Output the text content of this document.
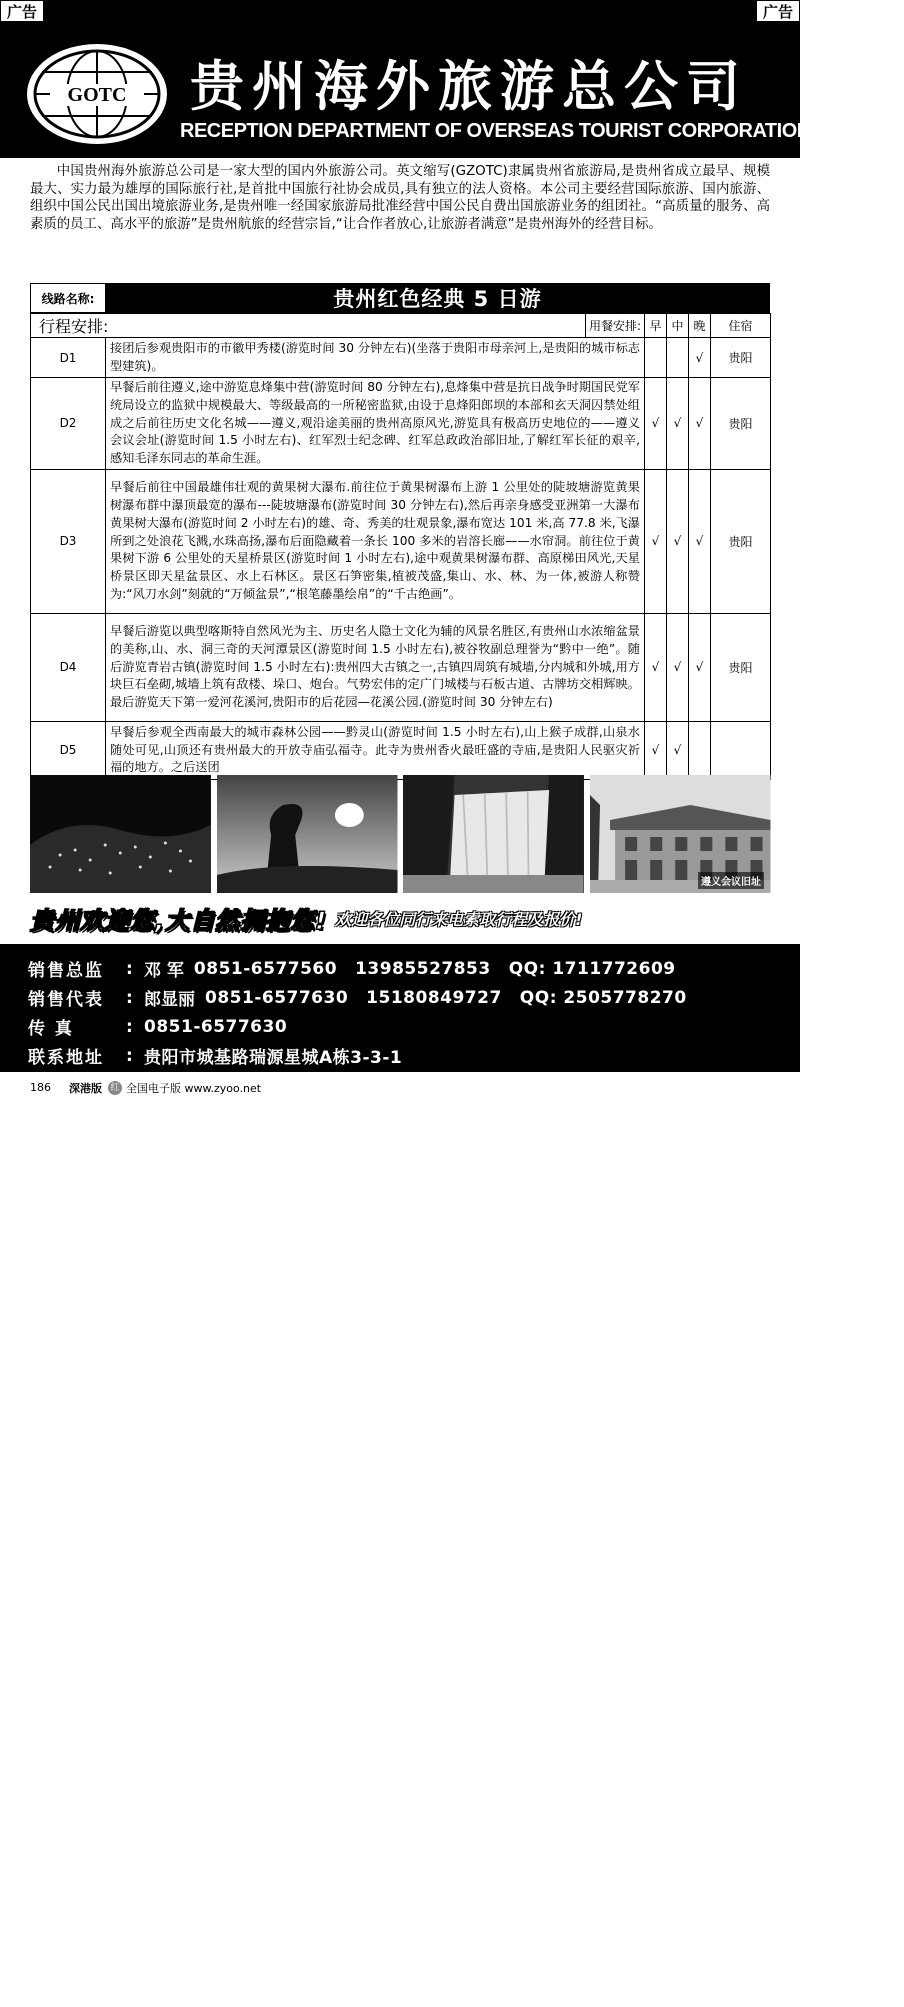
GOTC 贵州海外旅游总公司
RECEPTION DEPARTMENT OF OVERSEAS TOURIST CORPORATION GUIZHOU
广告	广告

中国贵州海外旅游总公司是一家大型的国内外旅游公司。英文缩写(GZOTC)隶属贵州省旅游局,是贵州省成立最早、规模最大、实力最为雄厚的国际旅行社,是首批中国旅行社协会成员,具有独立的法人资格。本公司主要经营国际旅游、国内旅游、组织中国公民出国出境旅游业务,是贵州唯一经国家旅游局批准经营中国公民自费出国旅游业务的组团社。“高质量的服务、高素质的员工、高水平的旅游”是贵州航旅的经营宗旨,“让合作者放心,让旅游者满意”是贵州海外的经营目标。

线路名称:	贵州红色经典 5 日游
行程安排:		用餐安排:	早	中	晚	住宿
D1	接团后参观贵阳市的市徽甲秀楼(游览时间 30 分钟左右)(坐落于贵阳市母亲河上,是贵阳的城市标志型建筑)。				√	贵阳
D2	早餐后前往遵义,途中游览息烽集中营(游览时间 80 分钟左右),息烽集中营是抗日战争时期国民党军统局设立的监狱中规模最大、等级最高的一所秘密监狱,由设于息烽阳郎坝的本部和玄天洞囚禁处组成之后前往历史文化名城——遵义,观沿途美丽的贵州高原风光,游览具有极高历史地位的——遵义会议会址(游览时间 1.5 小时左右)、红军烈士纪念碑、红军总政政治部旧址,了解红军长征的艰辛,感知毛泽东同志的革命生涯。		√	√	√	贵阳
D3	早餐后前往中国最雄伟壮观的黄果树大瀑布.前往位于黄果树瀑布上游 1 公里处的陡坡塘游览黄果树瀑布群中瀑顶最宽的瀑布---陡坡塘瀑布(游览时间 30 分钟左右),然后再亲身感受亚洲第一大瀑布黄果树大瀑布(游览时间 2 小时左右)的雄、奇、秀美的壮观景象,瀑布宽达 101 米,高 77.8 米,飞瀑所到之处浪花飞溅,水珠高扬,瀑布后面隐藏着一条长 100 多米的岩溶长廊——水帘洞。前往位于黄果树下游 6 公里处的天星桥景区(游览时间 1 小时左右),途中观黄果树瀑布群、高原梯田风光,天星桥景区即天星盆景区、水上石林区。景区石笋密集,植被茂盛,集山、水、林、为一体,被游人称赞为:“风刀水剑”刻就的“万倾盆景”,“根笔藤墨绘帛”的“千古绝画”。		√	√	√	贵阳
D4	早餐后游览以典型喀斯特自然风光为主、历史名人隐士文化为辅的风景名胜区,有贵州山水浓缩盆景的美称,山、水、洞三奇的天河潭景区(游览时间 1.5 小时左右),被谷牧副总理誉为“黔中一绝”。随后游览青岩古镇(游览时间 1.5 小时左右):贵州四大古镇之一,古镇四周筑有城墙,分内城和外城,用方块巨石垒砌,城墙上筑有敌楼、垛口、炮台。气势宏伟的定广门城楼与石板古道、古牌坊交相辉映。最后游览天下第一爱河花溪河,贵阳市的后花园—花溪公园.(游览时间 30 分钟左右)		√	√	√	贵阳
D5	早餐后参观全西南最大的城市森林公园——黔灵山(游览时间 1.5 小时左右),山上猴子成群,山泉水随处可见,山顶还有贵州最大的开放寺庙弘福寺。此寺为贵州香火最旺盛的寺庙,是贵阳人民驱灾祈福的地方。之后送团		√	√		
遵义会议旧址
贵州欢迎您,大自然拥抱您! 欢迎各位同行来电索取行程及报价!
销售总监	: 邓 军 0851-6577560 13985527853 QQ: 1711772609
销售代表	: 郎显丽 0851-6577630 15180849727 QQ: 2505778270
传 真	: 0851-6577630
联系地址	: 贵阳市城基路瑞源星城A栋3-3-1
广告刊登以实际为准
186 深港版 红 全国电子版 www.zyoo.net
